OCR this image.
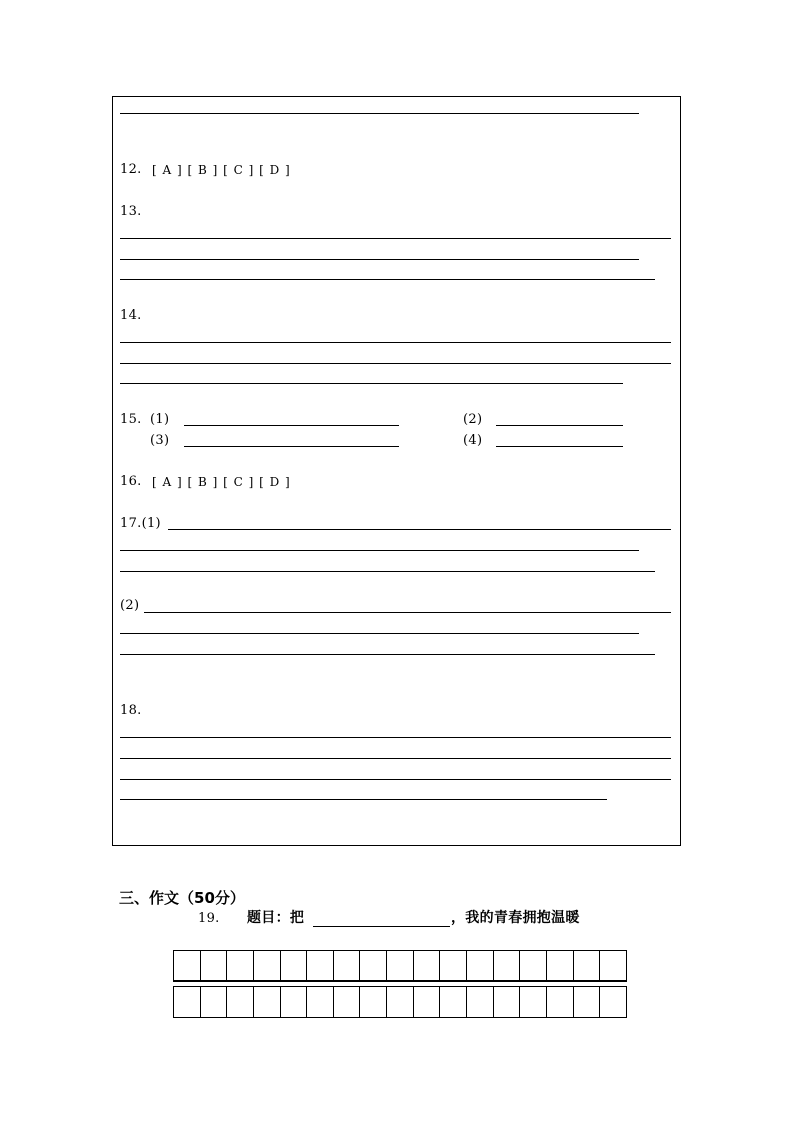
12. [ A ] [ B ] [ C ] [ D ]
13.
14.
15. (1)	(2)
(3)	(4)
16. [ A ] [ B ] [ C ] [ D ]
17.(1)
(2)
18.
三、作文（50分）
19. 题目：把	，我的青春拥抱温暖
